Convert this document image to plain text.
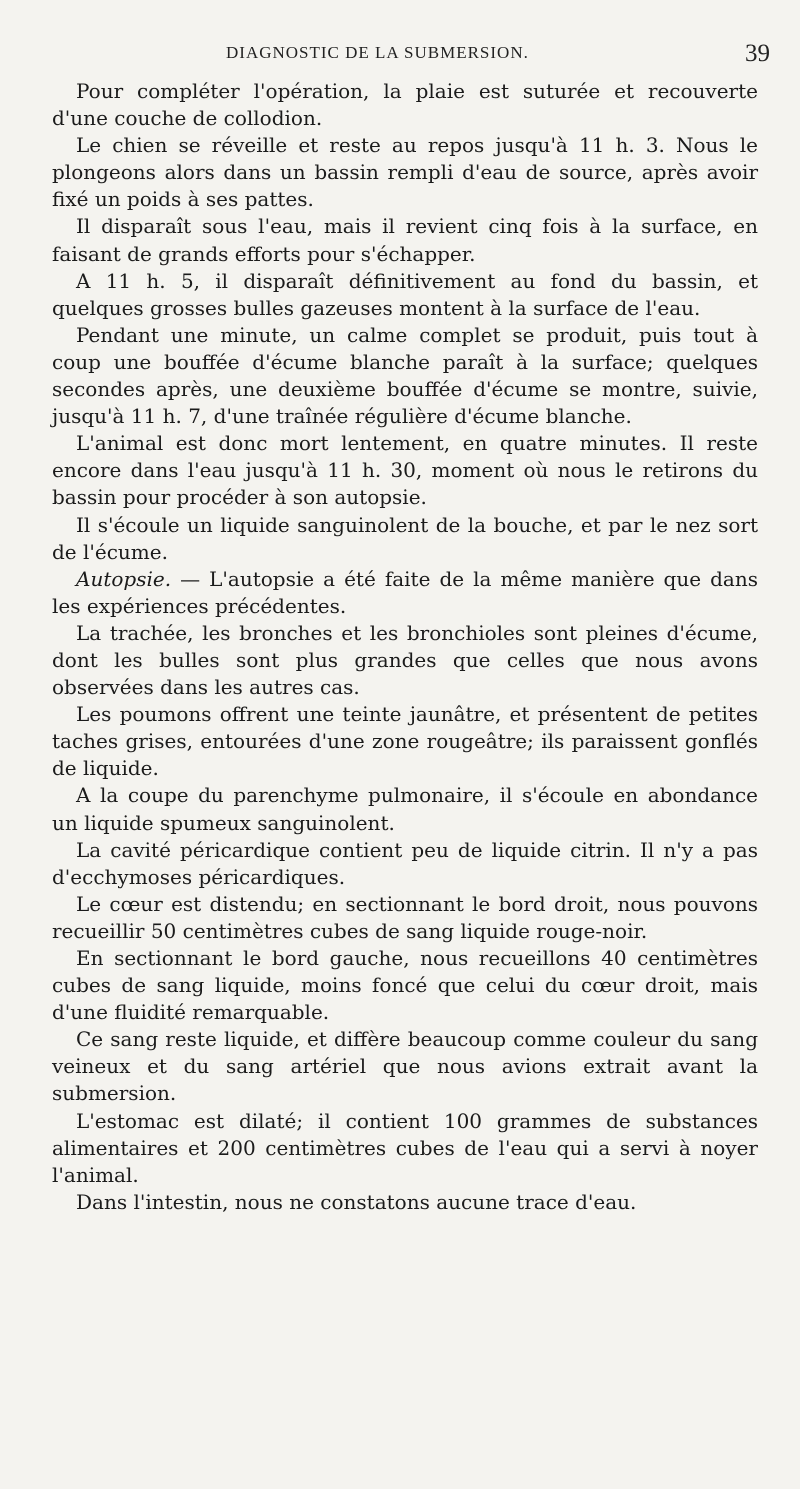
DIAGNOSTIC DE LA SUBMERSION.	39

Pour compléter l'opération, la plaie est suturée et recouverte d'une couche de collodion.

Le chien se réveille et reste au repos jusqu'à 11 h. 3. Nous le plongeons alors dans un bassin rempli d'eau de source, après avoir fixé un poids à ses pattes.

Il disparaît sous l'eau, mais il revient cinq fois à la surface, en faisant de grands efforts pour s'échapper.

A 11 h. 5, il disparaît définitivement au fond du bassin, et quelques grosses bulles gazeuses montent à la surface de l'eau.

Pendant une minute, un calme complet se produit, puis tout à coup une bouffée d'écume blanche paraît à la surface; quelques secondes après, une deuxième bouffée d'écume se montre, suivie, jusqu'à 11 h. 7, d'une traînée régulière d'écume blanche.

L'animal est donc mort lentement, en quatre minutes. Il reste encore dans l'eau jusqu'à 11 h. 30, moment où nous le retirons du bassin pour procéder à son autopsie.

Il s'écoule un liquide sanguinolent de la bouche, et par le nez sort de l'écume.

Autopsie. — L'autopsie a été faite de la même manière que dans les expériences précédentes.

La trachée, les bronches et les bronchioles sont pleines d'écume, dont les bulles sont plus grandes que celles que nous avons observées dans les autres cas.

Les poumons offrent une teinte jaunâtre, et présentent de petites taches grises, entourées d'une zone rougeâtre; ils paraissent gonflés de liquide.

A la coupe du parenchyme pulmonaire, il s'écoule en abondance un liquide spumeux sanguinolent.

La cavité péricardique contient peu de liquide citrin. Il n'y a pas d'ecchymoses péricardiques.

Le cœur est distendu; en sectionnant le bord droit, nous pouvons recueillir 50 centimètres cubes de sang liquide rouge-noir.

En sectionnant le bord gauche, nous recueillons 40 centimètres cubes de sang liquide, moins foncé que celui du cœur droit, mais d'une fluidité remarquable.

Ce sang reste liquide, et diffère beaucoup comme couleur du sang veineux et du sang artériel que nous avions extrait avant la submersion.

L'estomac est dilaté; il contient 100 grammes de substances alimentaires et 200 centimètres cubes de l'eau qui a servi à noyer l'animal.

Dans l'intestin, nous ne constatons aucune trace d'eau.
